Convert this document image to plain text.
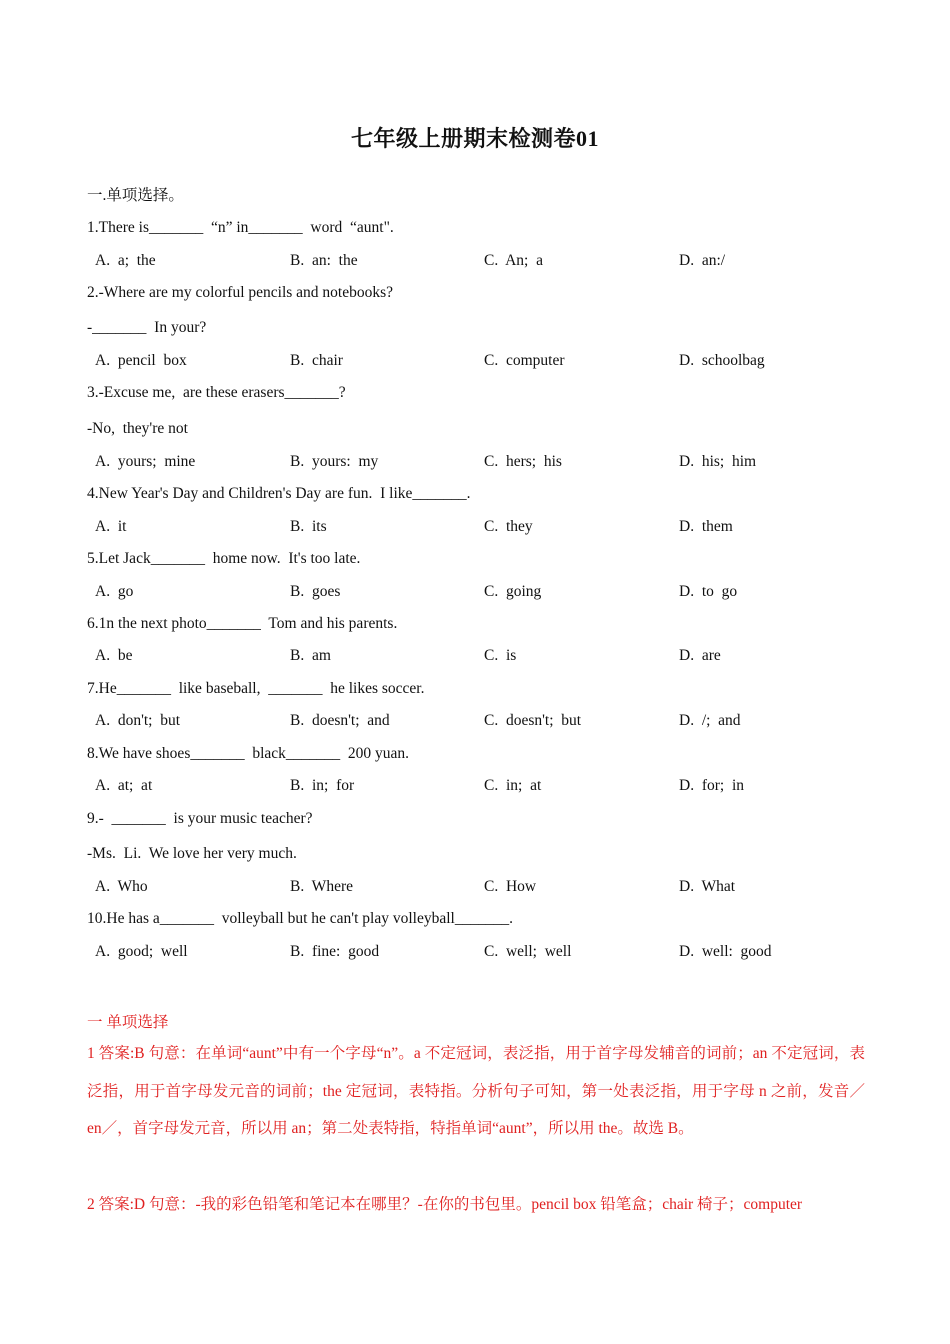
七年级上册期末检测卷01
一.单项选择。
1.There is_______  “n” in_______  word  “aunt".
A.  a;  the	B.  an:  the	C.  An;  a	D.  an:/
2.-Where are my colorful pencils and notebooks?
-_______  In your?
A.  pencil  box	B.  chair	C.  computer	D.  schoolbag
3.-Excuse me,  are these erasers_______?
-No,  they're not
A.  yours;  mine	B.  yours:  my	C.  hers;  his	D.  his;  him
4.New Year's Day and Children's Day are fun.  I like_______.
A.  it	B.  its	C.  they	D.  them
5.Let Jack_______  home now.  It's too late.
A.  go	B.  goes	C.  going	D.  to  go
6.1n the next photo_______  Tom and his parents.
A.  be	B.  am	C.  is	D.  are
7.He_______  like baseball,  _______  he likes soccer.
A.  don't;  but	B.  doesn't;  and	C.  doesn't;  but	D.  /;  and
8.We have shoes_______  black_______  200 yuan.
A.  at;  at	B.  in;  for	C.  in;  at	D.  for;  in
9.-  _______  is your music teacher?
-Ms.  Li.  We love her very much.
A.  Who	B.  Where	C.  How	D.  What
10.He has a_______  volleyball but he can't play volleyball_______.
A.  good;  well	B.  fine:  good	C.  well;  well	D.  well:  good
一 单项选择
1 答案:B 句意：在单词“aunt”中有一个字母“n”。a 不定冠词，表泛指，用于首字母发辅音的词前；an 不定冠词，表泛指，用于首字母发元音的词前；the 定冠词，表特指。分析句子可知，第一处表泛指，用于字母 n 之前，发音／en／，首字母发元音，所以用 an；第二处表特指，特指单词“aunt”，所以用 the。故选 B。
2 答案:D 句意：-我的彩色铅笔和笔记本在哪里？-在你的书包里。pencil box 铅笔盒；chair 椅子；computer
